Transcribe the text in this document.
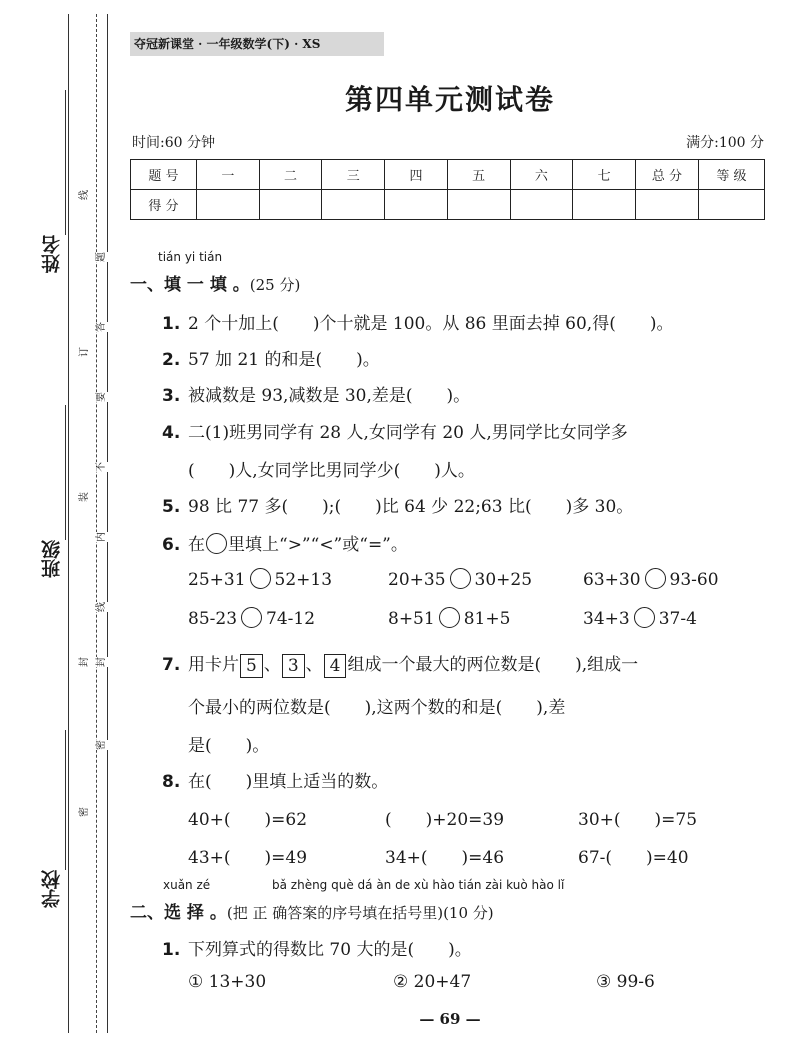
姓名
班级
学校
线
订
装
封
密
密
封
线
内
不
要
答
题
夺冠新课堂 · 一年级数学(下) · XS
第四单元测试卷
时间:60 分钟	满分:100 分
题 号	一	二	三	四	五	六	七	总 分	等 级
得 分									
tián yi tián
一、填 一 填 。(25 分)
1. 2 个十加上(　　)个十就是 100。从 86 里面去掉 60,得(　　)。
2. 57 加 21 的和是(　　)。
3. 被减数是 93,减数是 30,差是(　　)。
4. 二(1)班男同学有 28 人,女同学有 20 人,男同学比女同学多
(　　)人,女同学比男同学少(　　)人。
5. 98 比 77 多(　　);(　　)比 64 少 22;63 比(　　)多 30。
6. 在 里填上“>”“<”或“=”。
25+31 52+13	20+35 30+25	63+30 93-60
85-23 74-12	8+51 81+5	34+3 37-4
7. 用卡片 5 、 3 、 4 组成一个最大的两位数是(　　),组成一
个最小的两位数是(　　),这两个数的和是(　　),差
是(　　)。
8. 在(　　)里填上适当的数。
40+(　　)=62	(　　)+20=39	30+(　　)=75
43+(　　)=49	34+(　　)=46	67-(　　)=40
xuǎn zé	bǎ zhèng què dá àn de xù hào tián zài kuò hào lǐ
二、选 择 。(把 正 确答案的序号填在括号里)(10 分)
1. 下列算式的得数比 70 大的是(　　)。
① 13+30	② 20+47	③ 99-6
— 69 —
